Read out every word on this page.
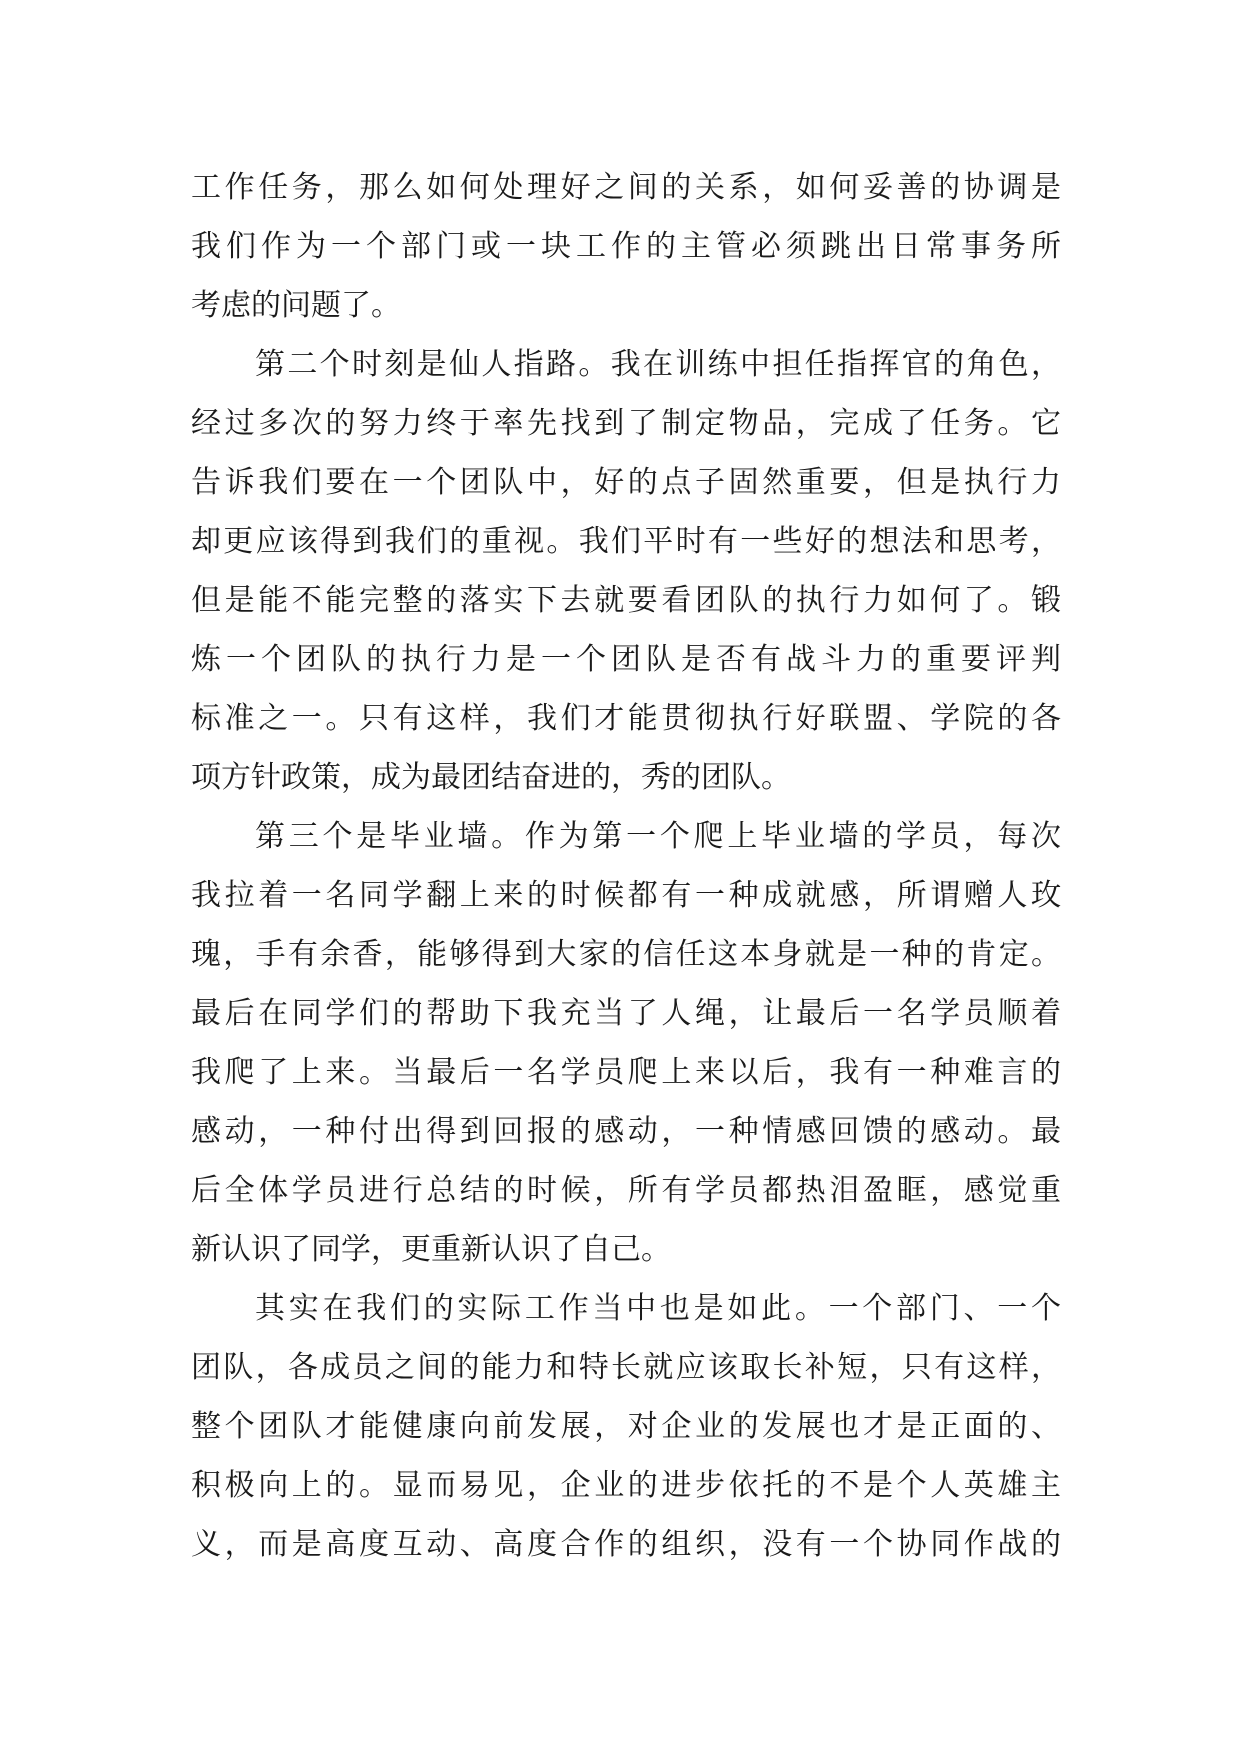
工作任务，那么如何处理好之间的关系，如何妥善的协调是
我们作为一个部门或一块工作的主管必须跳出日常事务所
考虑的问题了。
第二个时刻是仙人指路。我在训练中担任指挥官的角色，
经过多次的努力终于率先找到了制定物品，完成了任务。它
告诉我们要在一个团队中，好的点子固然重要，但是执行力
却更应该得到我们的重视。我们平时有一些好的想法和思考，
但是能不能完整的落实下去就要看团队的执行力如何了。锻
炼一个团队的执行力是一个团队是否有战斗力的重要评判
标准之一。只有这样，我们才能贯彻执行好联盟、学院的各
项方针政策，成为最团结奋进的，秀的团队。
第三个是毕业墙。作为第一个爬上毕业墙的学员，每次
我拉着一名同学翻上来的时候都有一种成就感，所谓赠人玫
瑰，手有余香，能够得到大家的信任这本身就是一种的肯定。
最后在同学们的帮助下我充当了人绳，让最后一名学员顺着
我爬了上来。当最后一名学员爬上来以后，我有一种难言的
感动，一种付出得到回报的感动，一种情感回馈的感动。最
后全体学员进行总结的时候，所有学员都热泪盈眶，感觉重
新认识了同学，更重新认识了自己。
其实在我们的实际工作当中也是如此。一个部门、一个
团队，各成员之间的能力和特长就应该取长补短，只有这样，
整个团队才能健康向前发展，对企业的发展也才是正面的、
积极向上的。显而易见，企业的进步依托的不是个人英雄主
义，而是高度互动、高度合作的组织，没有一个协同作战的
